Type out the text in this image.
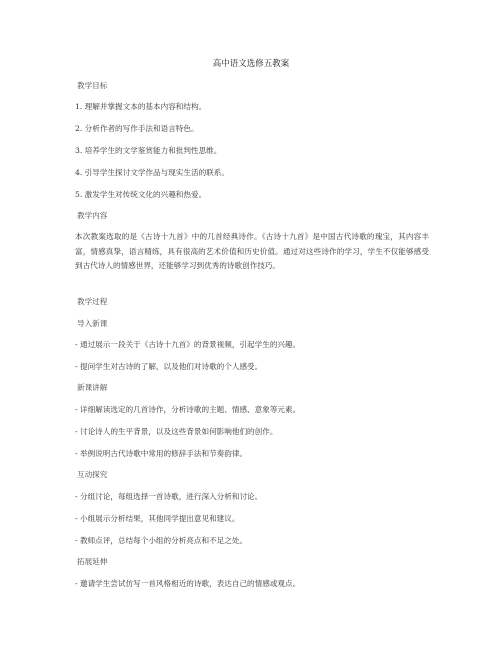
高中语文选修五教案
教学目标
1. 理解并掌握文本的基本内容和结构。
2. 分析作者的写作手法和语言特色。
3. 培养学生的文学鉴赏能力和批判性思维。
4. 引导学生探讨文学作品与现实生活的联系。
5. 激发学生对传统文化的兴趣和热爱。
教学内容
本次教案选取的是《古诗十九首》中的几首经典诗作。《古诗十九首》是中国古代诗歌的瑰宝，其内容丰富，情感真挚，语言精练，具有很高的艺术价值和历史价值。通过对这些诗作的学习，学生不仅能够感受到古代诗人的情感世界，还能够学习到优秀的诗歌创作技巧。
教学过程
导入新课
- 通过展示一段关于《古诗十九首》的背景视频，引起学生的兴趣。
- 提问学生对古诗的了解，以及他们对诗歌的个人感受。
新课讲解
- 详细解读选定的几首诗作，分析诗歌的主题、情感、意象等元素。
- 讨论诗人的生平背景，以及这些背景如何影响他们的创作。
- 举例说明古代诗歌中常用的修辞手法和节奏韵律。
互动探究
- 分组讨论，每组选择一首诗歌，进行深入分析和讨论。
- 小组展示分析结果，其他同学提出意见和建议。
- 教师点评，总结每个小组的分析亮点和不足之处。
拓展延伸
- 邀请学生尝试仿写一首风格相近的诗歌，表达自己的情感或观点。
